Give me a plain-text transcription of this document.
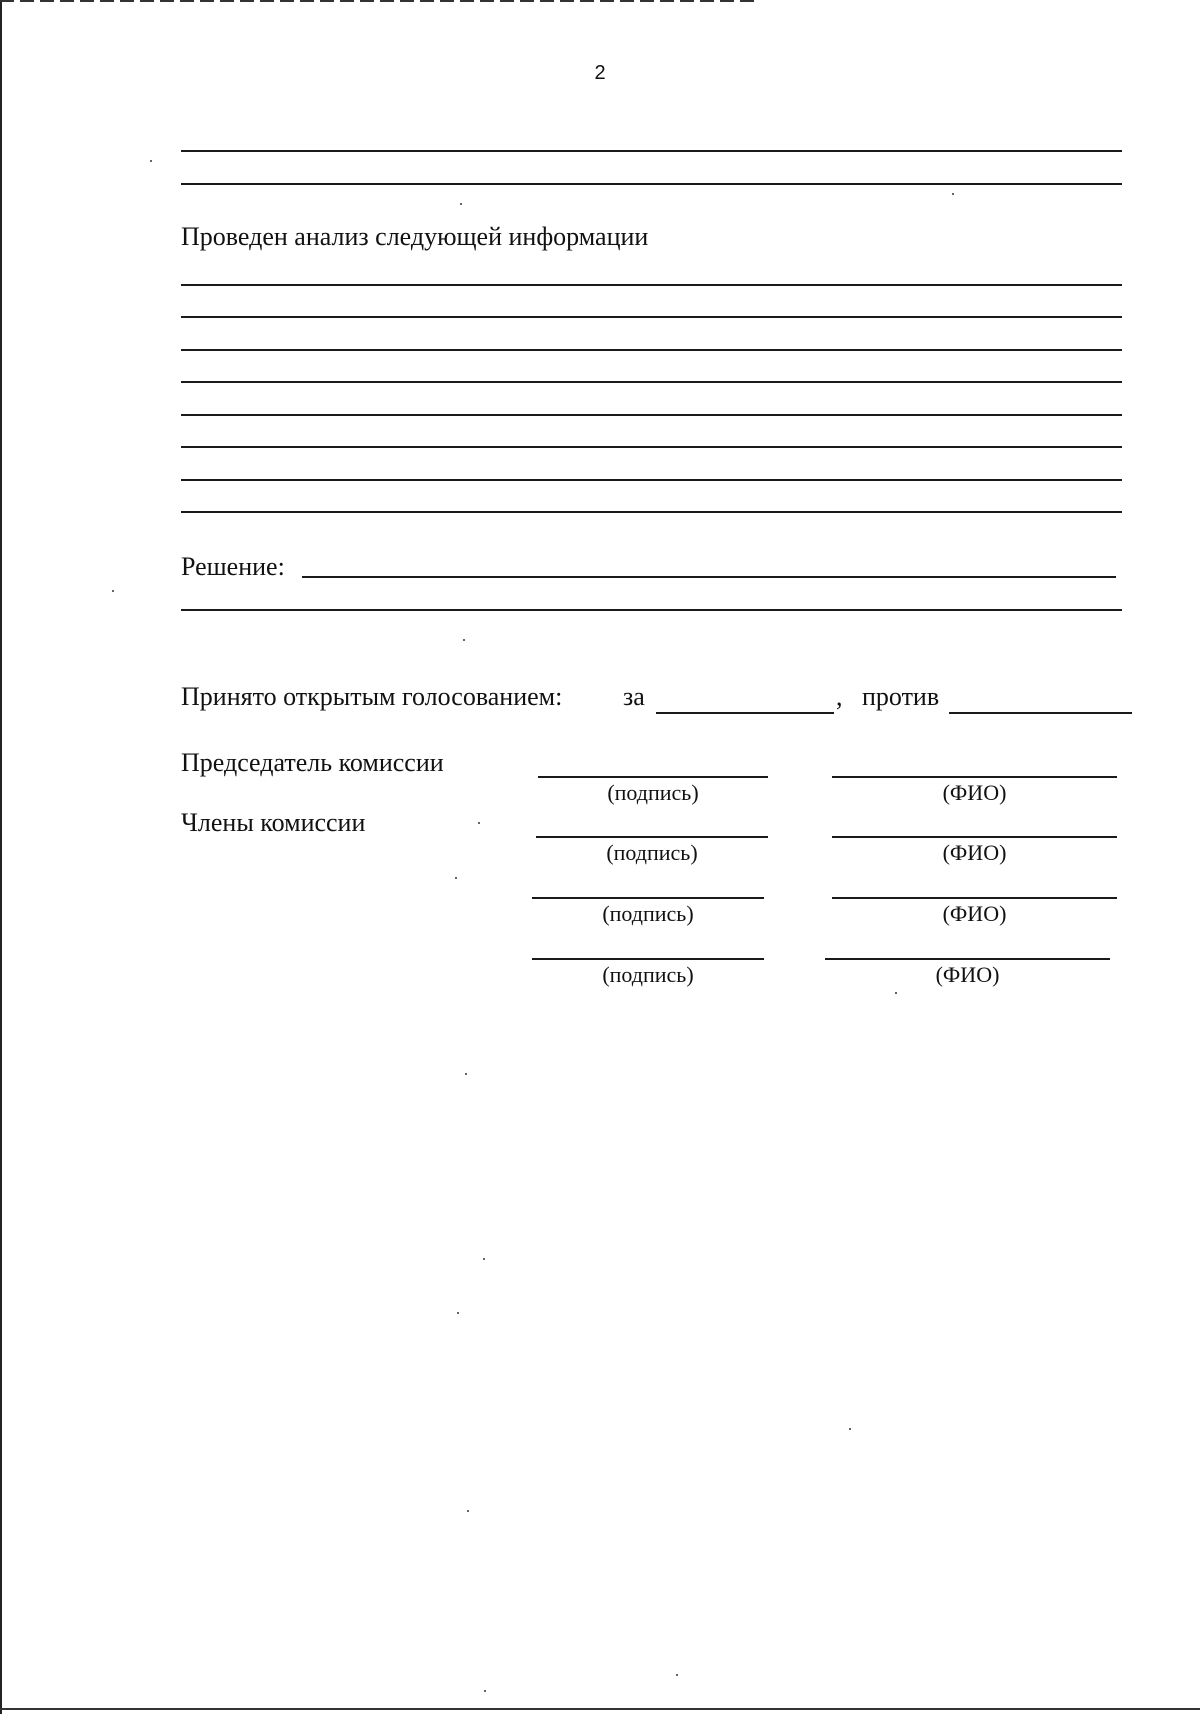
2
Проведен анализ следующей информации
Решение:
Принято открытым голосованием: за	, против
Председатель комиссии
(подпись)	(ФИО)
Члены комиссии
(подпись)	(ФИО)
(подпись)	(ФИО)
(подпись)	(ФИО)
